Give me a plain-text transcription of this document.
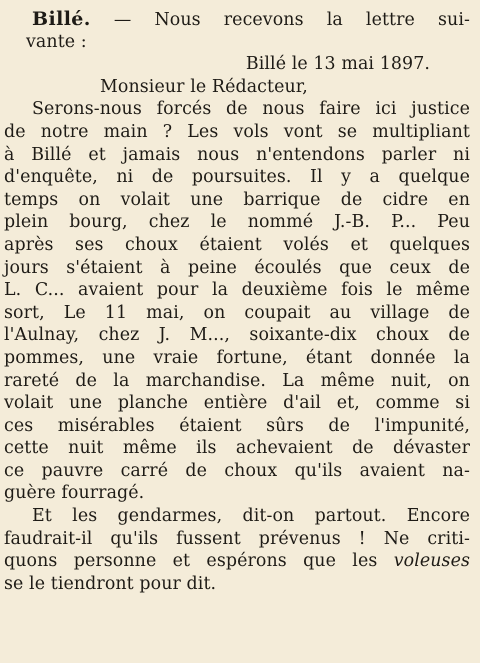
Billé. — Nous recevons la lettre sui-
vante :
Billé le 13 mai 1897.
Monsieur le Rédacteur,
Serons-nous forcés de nous faire ici justice
de notre main ? Les vols vont se multipliant
à Billé et jamais nous n'entendons parler ni
d'enquête, ni de poursuites. Il y a quelque
temps on volait une barrique de cidre en
plein bourg, chez le nommé J.-B. P... Peu
après ses choux étaient volés et quelques
jours s'étaient à peine écoulés que ceux de
L. C... avaient pour la deuxième fois le même
sort, Le 11 mai, on coupait au village de
l'Aulnay, chez J. M..., soixante-dix choux de
pommes, une vraie fortune, étant donnée la
rareté de la marchandise. La même nuit, on
volait une planche entière d'ail et, comme si
ces misérables étaient sûrs de l'impunité,
cette nuit même ils achevaient de dévaster
ce pauvre carré de choux qu'ils avaient na-
guère fourragé.
Et les gendarmes, dit-on partout. Encore
faudrait-il qu'ils fussent prévenus ! Ne criti-
quons personne et espérons que les voleuses
se le tiendront pour dit.
